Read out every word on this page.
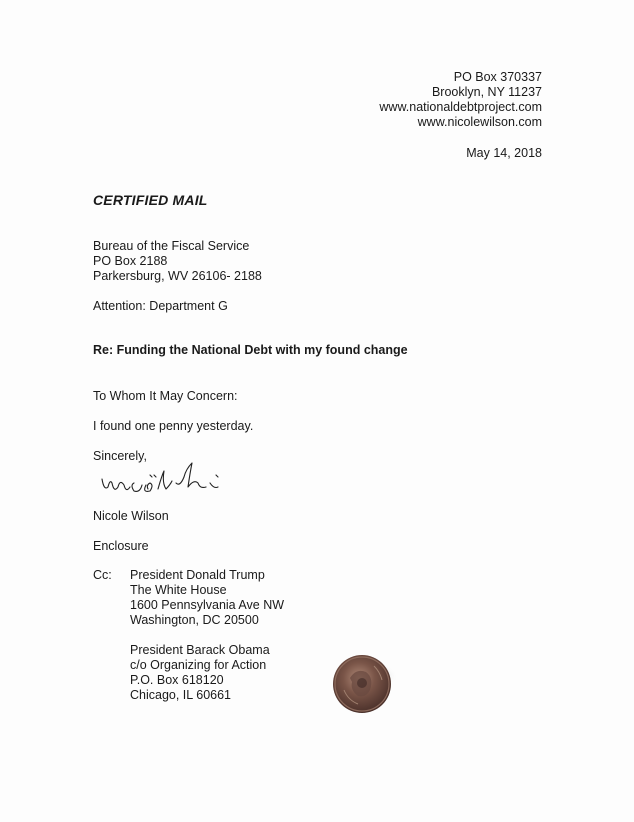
PO Box 370337
Brooklyn, NY 11237
www.nationaldebtproject.com
www.nicolewilson.com
May 14, 2018
CERTIFIED MAIL
Bureau of the Fiscal Service
PO Box 2188
Parkersburg, WV 26106- 2188
Attention: Department G
Re: Funding the National Debt with my found change
To Whom It May Concern:
I found one penny yesterday.
Sincerely,
Nicole Wilson
Enclosure
Cc: President Donald Trump
The White House
1600 Pennsylvania Ave NW
Washington, DC 20500
President Barack Obama
c/o Organizing for Action
P.O. Box 618120
Chicago, IL 60661
